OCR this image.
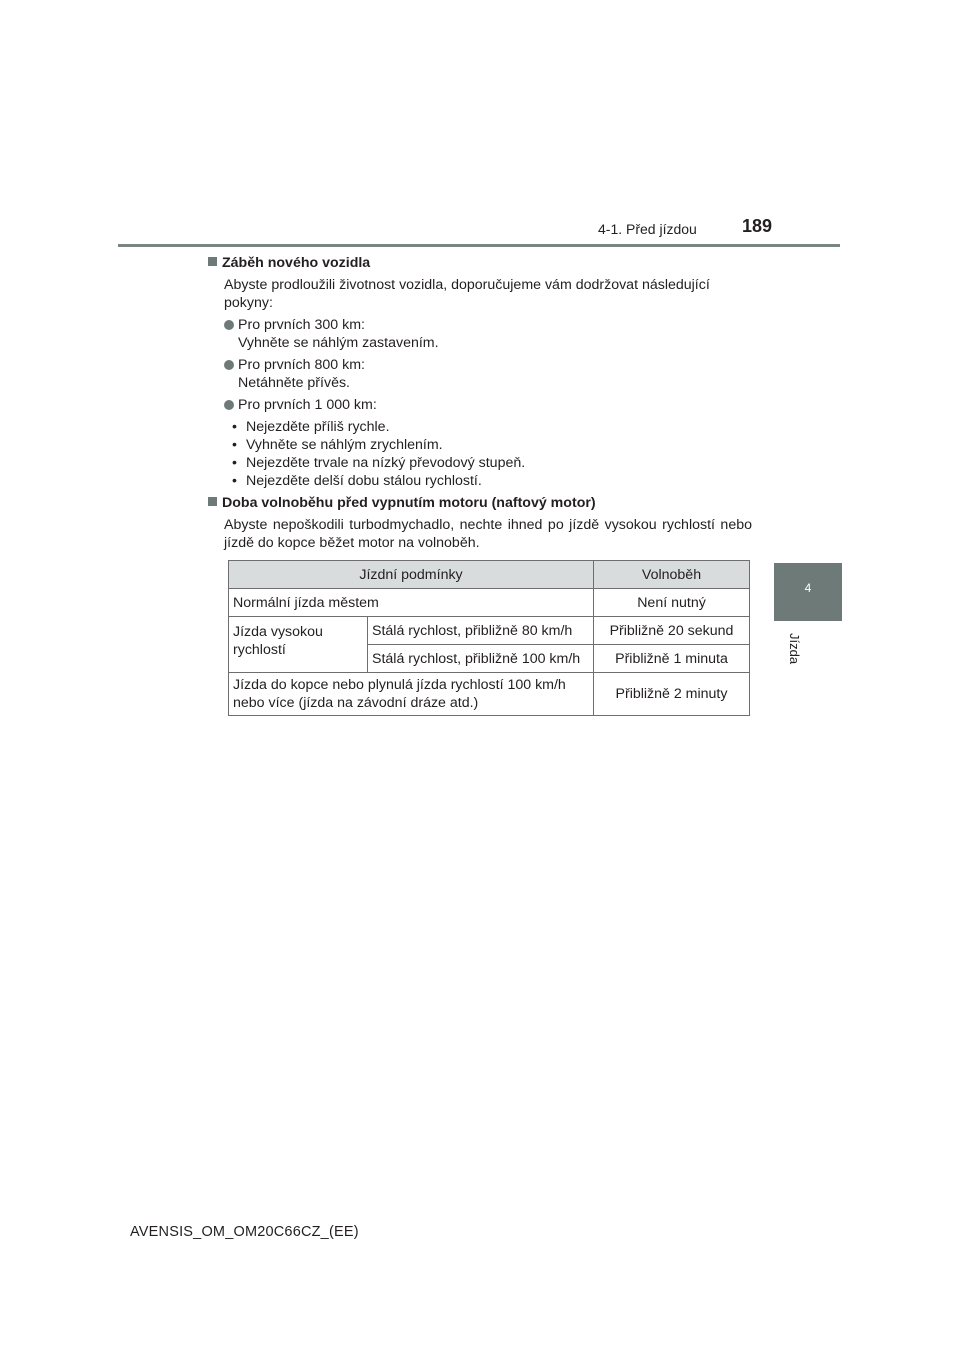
4-1. Před jízdou	189
4
Jízda
Záběh nového vozidla
Abyste prodloužili životnost vozidla, doporučujeme vám dodržovat následující pokyny:
Pro prvních 300 km:
Vyhněte se náhlým zastavením.
Pro prvních 800 km:
Netáhněte přívěs.
Pro prvních 1 000 km:
• Nejezděte příliš rychle.
• Vyhněte se náhlým zrychlením.
• Nejezděte trvale na nízký převodový stupeň.
• Nejezděte delší dobu stálou rychlostí.
Doba volnoběhu před vypnutím motoru (naftový motor)
Abyste nepoškodili turbodmychadlo, nechte ihned po jízdě vysokou rychlostí nebo jízdě do kopce běžet motor na volnoběh.
Jízdní podmínky		Volnoběh
Normální jízda městem		Není nutný
Jízda vysokou rychlostí	Stálá rychlost, přibližně 80 km/h	Přibližně 20 sekund
	Stálá rychlost, přibližně 100 km/h	Přibližně 1 minuta
Jízda do kopce nebo plynulá jízda rychlostí 100 km/h nebo více (jízda na závodní dráze atd.)		Přibližně 2 minuty
AVENSIS_OM_OM20C66CZ_(EE)
